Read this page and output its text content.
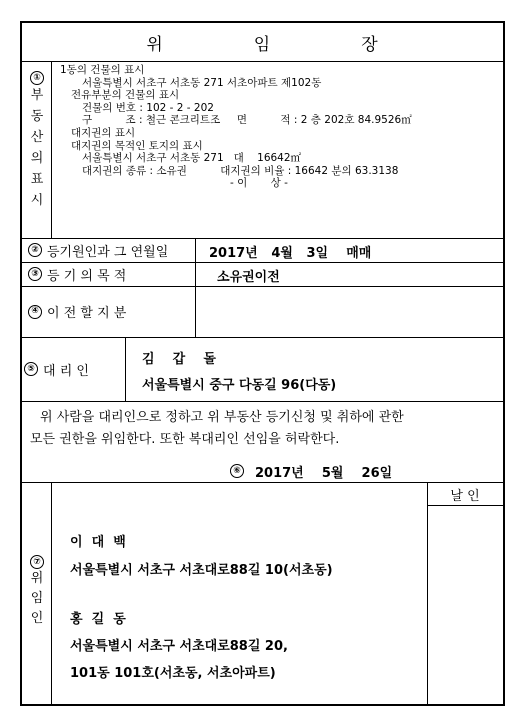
위	임	장
①
부
동
산
의
표
시
1동의 건물의 표시
서울특별시 서초구 서초동 271 서초아파트 제102동
전유부분의 건물의 표시
건물의 번호 : 102 - 2 - 202
구          조 : 철근 콘크리트조     면          적 : 2 층 202호 84.9526㎡
대지권의 표시
대지권의 목적인 토지의 표시
서울특별시 서초구 서초동 271   대    16642㎡
대지권의 종류 : 소유권          대지권의 비율 : 16642 분의 63.3138
- 이       상 -
② 등기원인과 그 연월일	2017년   4월   3일    매매
③ 등 기 의 목 적	소유권이전
④ 이 전 할 지 분
⑤ 대 리 인
김    갑    돌
서울특별시 중구 다동길 96(다동)
위 사람을 대리인으로 정하고 위 부동산 등기신청 및 취하에 관한
모든 권한을 위임한다. 또한 복대리인 선임을 허락한다.
⑥ 2017년    5월    26일
⑦
위
임
인
날 인
이  대  백
서울특별시 서초구 서초대로88길 10(서초동)
홍  길  동
서울특별시 서초구 서초대로88길 20,
101동 101호(서초동, 서초아파트)
